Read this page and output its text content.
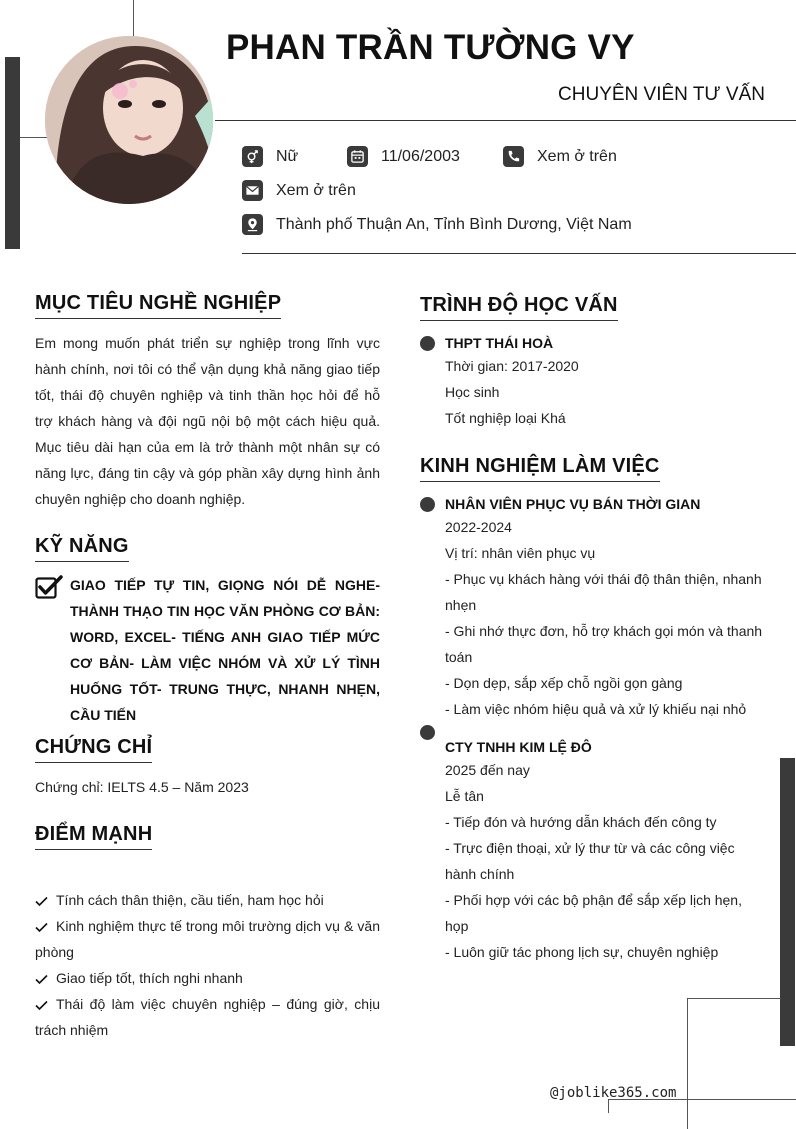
PHAN TRẦN TƯỜNG VY
CHUYÊN VIÊN TƯ VẤN
Nữ	11/06/2003	Xem ở trên
Xem ở trên
Thành phố Thuận An, Tỉnh Bình Dương, Việt Nam
MỤC TIÊU NGHỀ NGHIỆP
Em mong muốn phát triển sự nghiệp trong lĩnh vực hành chính, nơi tôi có thể vận dụng khả năng giao tiếp tốt, thái độ chuyên nghiệp và tinh thần học hỏi để hỗ trợ khách hàng và đội ngũ nội bộ một cách hiệu quả. Mục tiêu dài hạn của em là trở thành một nhân sự có năng lực, đáng tin cậy và góp phần xây dựng hình ảnh chuyên nghiệp cho doanh nghiệp.
KỸ NĂNG
GIAO TIẾP TỰ TIN, GIỌNG NÓI DỄ NGHE- THÀNH THẠO TIN HỌC VĂN PHÒNG CƠ BẢN: WORD, EXCEL- TIẾNG ANH GIAO TIẾP MỨC CƠ BẢN- LÀM VIỆC NHÓM VÀ XỬ LÝ TÌNH HUỐNG TỐT- TRUNG THỰC, NHANH NHẸN, CẦU TIẾN
CHỨNG CHỈ
Chứng chỉ: IELTS 4.5 – Năm 2023
ĐIỂM MẠNH
Tính cách thân thiện, cầu tiến, ham học hỏi
Kinh nghiệm thực tế trong môi trường dịch vụ & văn phòng
Giao tiếp tốt, thích nghi nhanh
Thái độ làm việc chuyên nghiệp – đúng giờ, chịu trách nhiệm
TRÌNH ĐỘ HỌC VẤN
THPT THÁI HOÀ
Thời gian: 2017-2020
Học sinh
Tốt nghiệp loại Khá
KINH NGHIỆM LÀM VIỆC
NHÂN VIÊN PHỤC VỤ BÁN THỜI GIAN
2022-2024
Vị trí: nhân viên phục vụ
- Phục vụ khách hàng với thái độ thân thiện, nhanh nhẹn
- Ghi nhớ thực đơn, hỗ trợ khách gọi món và thanh toán
- Dọn dẹp, sắp xếp chỗ ngồi gọn gàng
- Làm việc nhóm hiệu quả và xử lý khiếu nại nhỏ
CTY TNHH KIM LỆ ĐÔ
2025 đến nay
Lễ tân
- Tiếp đón và hướng dẫn khách đến công ty
- Trực điện thoại, xử lý thư từ và các công việc hành chính
- Phối hợp với các bộ phận để sắp xếp lịch hẹn, họp
- Luôn giữ tác phong lịch sự, chuyên nghiệp
@joblike365.com
